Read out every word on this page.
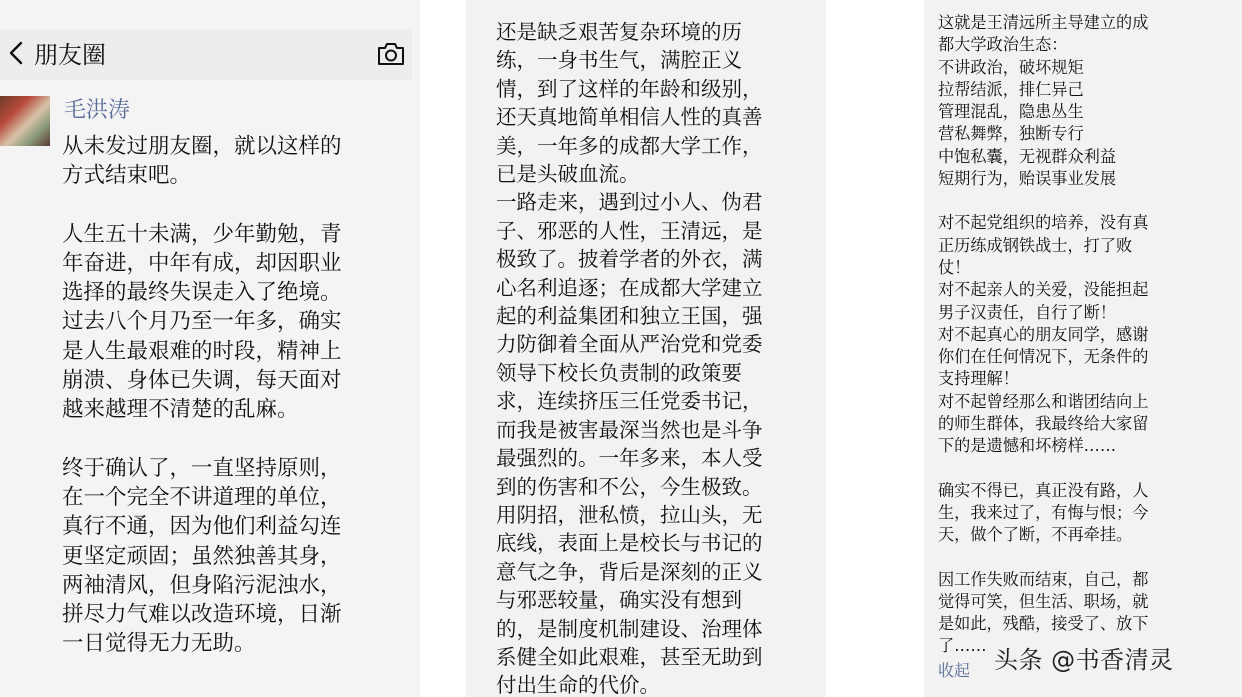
朋友圈
毛洪涛

从未发过朋友圈，就以这样的
方式结束吧。

人生五十未满，少年勤勉，青
年奋进，中年有成，却因职业
选择的最终失误走入了绝境。
过去八个月乃至一年多，确实
是人生最艰难的时段，精神上
崩溃、身体已失调，每天面对
越来越理不清楚的乱麻。

终于确认了，一直坚持原则，
在一个完全不讲道理的单位，
真行不通，因为他们利益勾连
更坚定顽固；虽然独善其身，
两袖清风，但身陷污泥浊水，
拼尽力气难以改造环境，日渐
一日觉得无力无助。

还是缺乏艰苦复杂环境的历
练，一身书生气，满腔正义
情，到了这样的年龄和级别，
还天真地简单相信人性的真善
美，一年多的成都大学工作，
已是头破血流。

一路走来，遇到过小人、伪君
子、邪恶的人性，王清远，是
极致了。披着学者的外衣，满
心名利追逐；在成都大学建立
起的利益集团和独立王国，强
力防御着全面从严治党和党委
领导下校长负责制的政策要
求，连续挤压三任党委书记，
而我是被害最深当然也是斗争
最强烈的。一年多来，本人受
到的伤害和不公，今生极致。
用阴招，泄私愤，拉山头，无
底线，表面上是校长与书记的
意气之争，背后是深刻的正义
与邪恶较量，确实没有想到
的，是制度机制建设、治理体
系健全如此艰难，甚至无助到
付出生命的代价。

这就是王清远所主导建立的成
都大学政治生态：
不讲政治，破坏规矩
拉帮结派，排仁异己
管理混乱，隐患丛生
营私舞弊，独断专行
中饱私囊，无视群众利益
短期行为，贻误事业发展

对不起党组织的培养，没有真
正历练成钢铁战士，打了败
仗！
对不起亲人的关爱，没能担起
男子汉责任，自行了断！
对不起真心的朋友同学，感谢
你们在任何情况下，无条件的
支持理解！
对不起曾经那么和谐团结向上
的师生群体，我最终给大家留
下的是遗憾和坏榜样……

确实不得已，真正没有路，人
生，我来过了，有悔与恨；今
天，做个了断，不再牵挂。

因工作失败而结束，自己，都
觉得可笑，但生活、职场，就
是如此，残酷，接受了、放下
了……

收起 头条 @书香清灵
